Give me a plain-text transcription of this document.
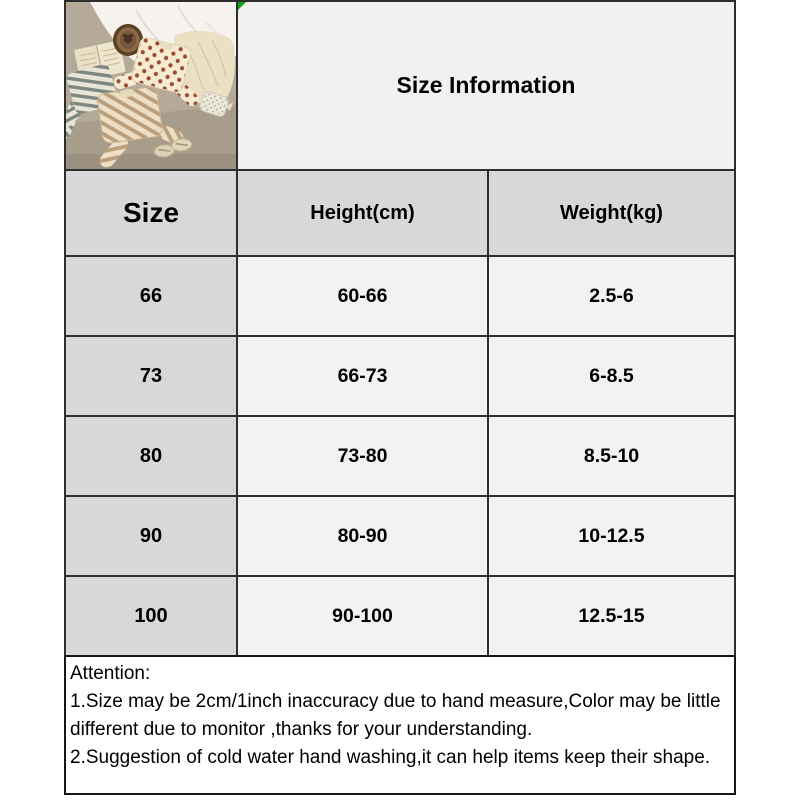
Size Information
Size	Height(cm)	Weight(kg)
66	60-66	2.5-6
73	66-73	6-8.5
80	73-80	8.5-10
90	80-90	10-12.5
100	90-100	12.5-15
Attention:
1.Size may be 2cm/1inch inaccuracy due to hand measure,Color may be little different due to monitor ,thanks for your understanding.
2.Suggestion of cold water hand washing,it can help items keep their shape.
